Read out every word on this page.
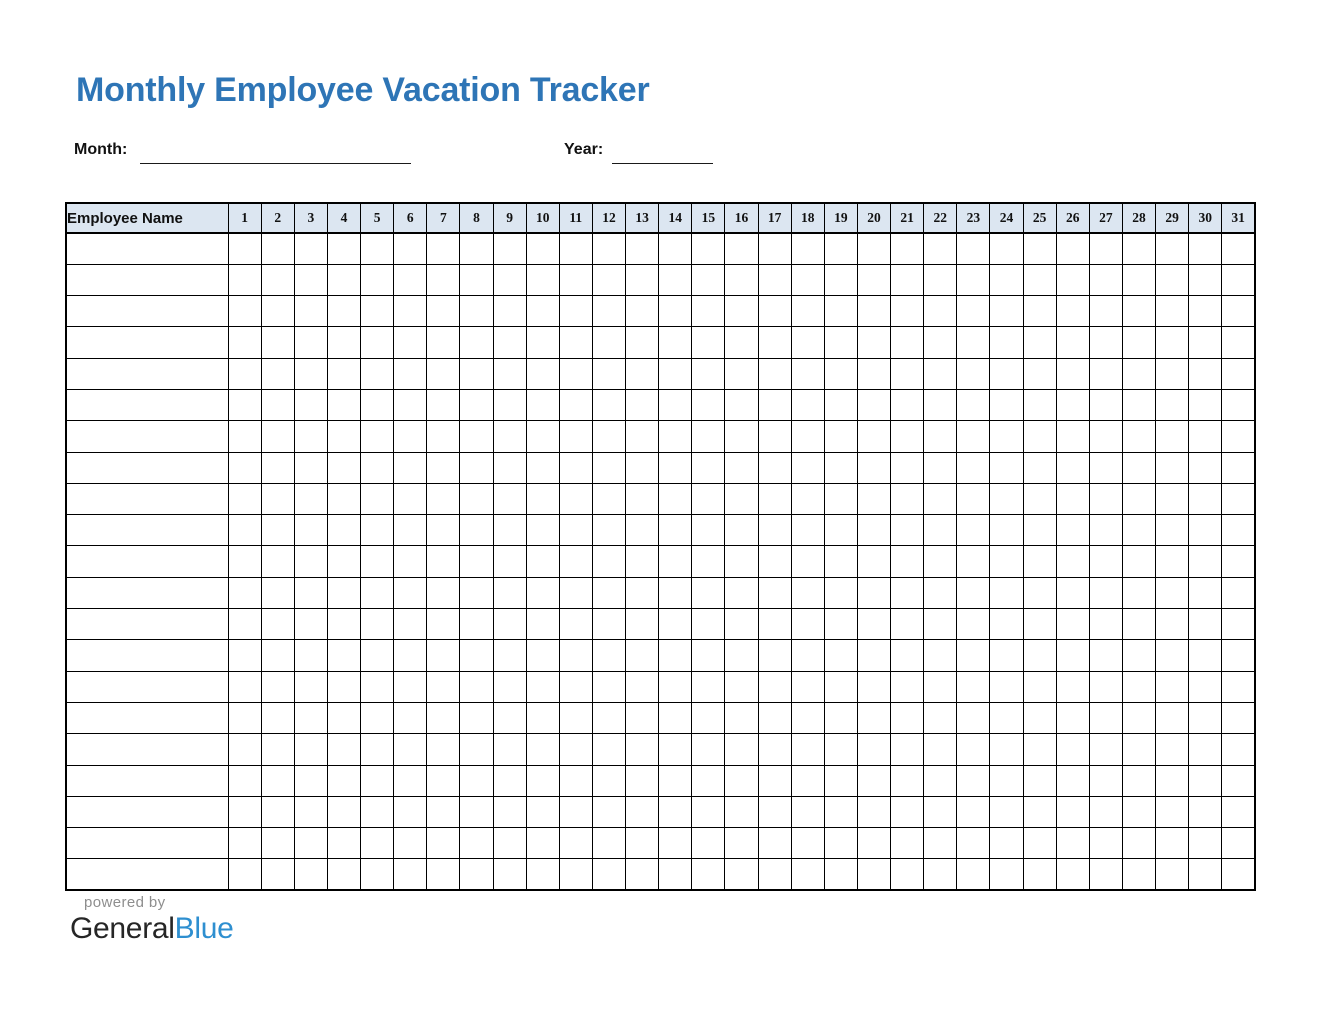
Monthly Employee Vacation Tracker
Month:	Year:
Employee Name	1	2	3	4	5	6	7	8	9	10	11	12	13	14	15	16	17	18	19	20	21	22	23	24	25	26	27	28	29	30	31

powered by
GeneralBlue
